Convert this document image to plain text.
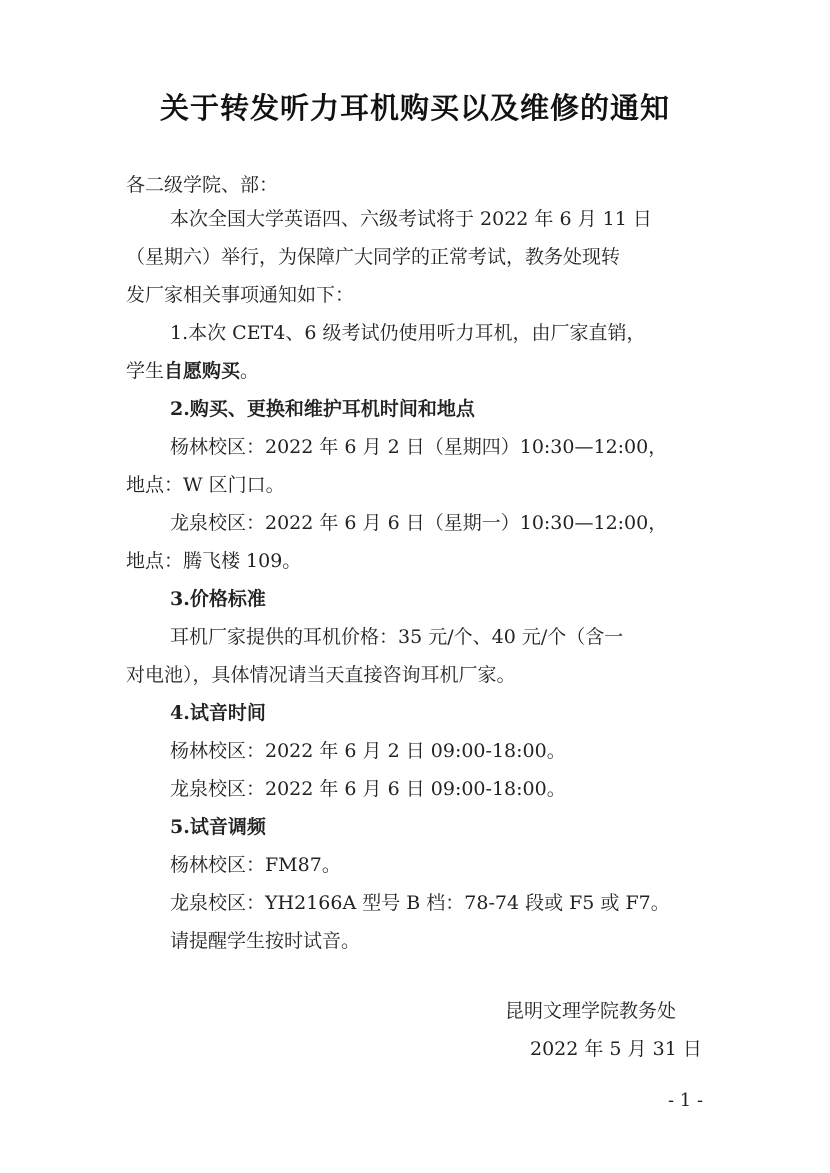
关于转发听力耳机购买以及维修的通知
各二级学院、部：
本次全国大学英语四、六级考试将于 2022 年 6 月 11 日
（星期六）举行，为保障广大同学的正常考试，教务处现转
发厂家相关事项通知如下：
1.本次 CET4、6 级考试仍使用听力耳机，由厂家直销，
学生自愿购买。
2.购买、更换和维护耳机时间和地点
杨林校区：2022 年 6 月 2 日（星期四）10:30—12:00，
地点：W 区门口。
龙泉校区：2022 年 6 月 6 日（星期一）10:30—12:00，
地点：腾飞楼 109。
3.价格标准
耳机厂家提供的耳机价格：35 元/个、40 元/个（含一
对电池），具体情况请当天直接咨询耳机厂家。
4.试音时间
杨林校区：2022 年 6 月 2 日 09:00-18:00。
龙泉校区：2022 年 6 月 6 日 09:00-18:00。
5.试音调频
杨林校区：FM87。
龙泉校区：YH2166A 型号 B 档：78-74 段或 F5 或 F7。
请提醒学生按时试音。
昆明文理学院教务处
2022 年 5 月 31 日
- 1 -
